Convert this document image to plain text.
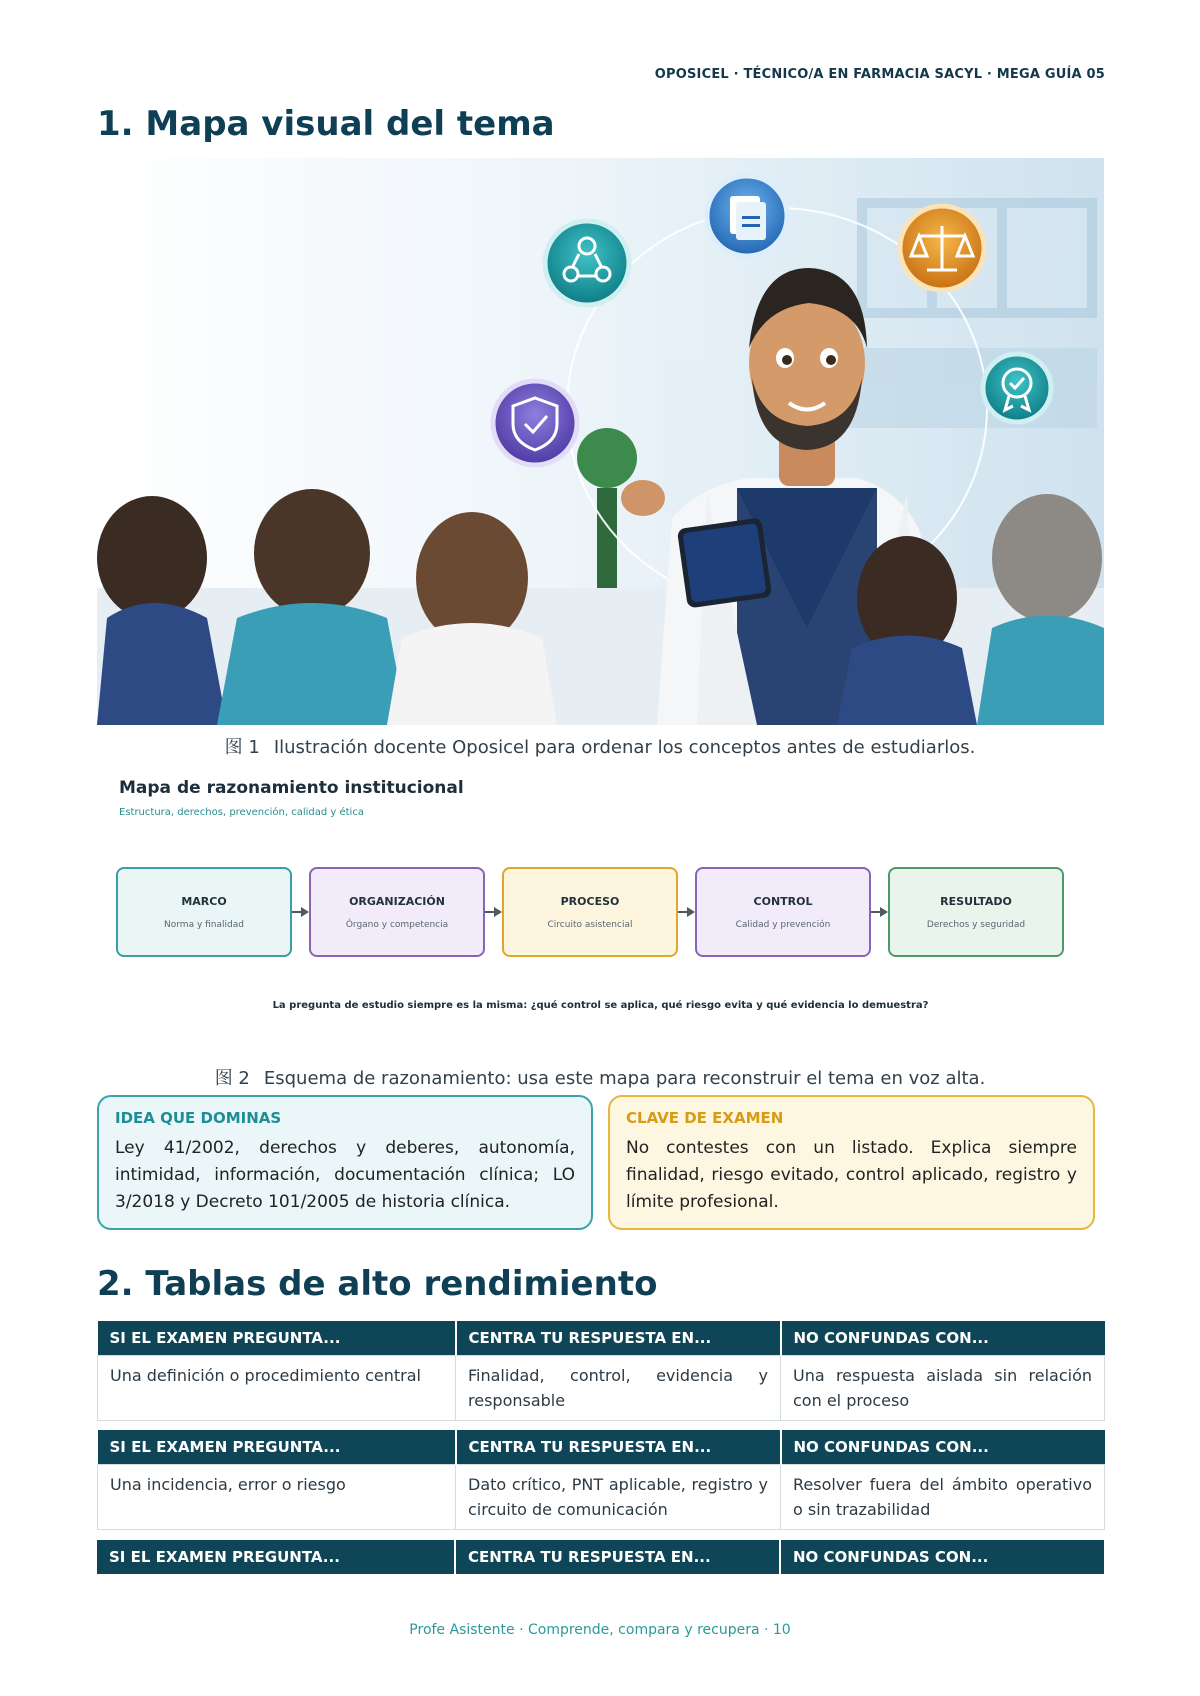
OPOSICEL · TÉCNICO/A EN FARMACIA SACYL · MEGA GUÍA 05
1. Mapa visual del tema
图 1 Ilustración docente Oposicel para ordenar los conceptos antes de estudiarlos.
Mapa de razonamiento institucional
Estructura, derechos, prevención, calidad y ética
MARCO
Norma y finalidad
ORGANIZACIÓN
Órgano y competencia
PROCESO
Circuito asistencial
CONTROL
Calidad y prevención
RESULTADO
Derechos y seguridad
La pregunta de estudio siempre es la misma: ¿qué control se aplica, qué riesgo evita y qué evidencia lo demuestra?
图 2 Esquema de razonamiento: usa este mapa para reconstruir el tema en voz alta.
IDEA QUE DOMINAS
Ley 41/2002, derechos y deberes, autonomía, intimidad, información, documentación clínica; LO 3/2018 y Decreto 101/2005 de historia clínica.
CLAVE DE EXAMEN
No contestes con un listado. Explica siempre finalidad, riesgo evitado, control aplicado, registro y límite profesional.
2. Tablas de alto rendimiento
SI EL EXAMEN PREGUNTA...	CENTRA TU RESPUESTA EN...	NO CONFUNDAS CON...
Una definición o procedimiento central	Finalidad, control, evidencia y responsable	Una respuesta aislada sin relación con el proceso
SI EL EXAMEN PREGUNTA...	CENTRA TU RESPUESTA EN...	NO CONFUNDAS CON...
Una incidencia, error o riesgo	Dato crítico, PNT aplicable, registro y circuito de comunicación	Resolver fuera del ámbito operativo o sin trazabilidad
SI EL EXAMEN PREGUNTA...	CENTRA TU RESPUESTA EN...	NO CONFUNDAS CON...
Profe Asistente · Comprende, compara y recupera · 10
